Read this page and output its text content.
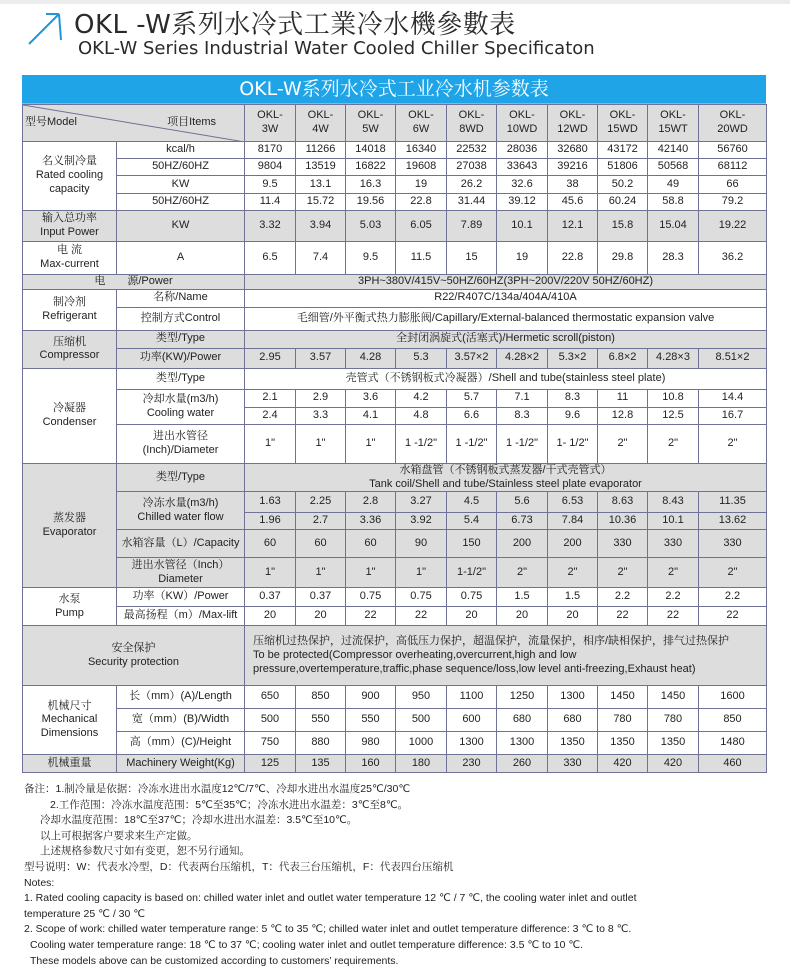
OKL -W系列水冷式工業冷水機參數表
OKL-W Series Industrial Water Cooled Chiller Specificaton
OKL-W系列水冷式工业冷水机参数表
型号Model 项目Items		OKL-3W	OKL-4W	OKL-5W	OKL-6W	OKL-8WD	OKL-10WD	OKL-12WD	OKL-15WD	OKL-15WT	OKL-20WD
名义制冷量
Rated cooling
capacity	kcal/h	8170	11266	14018	16340	22532	28036	32680	43172	42140	56760
	50HZ/60HZ	9804	13519	16822	19608	27038	33643	39216	51806	50568	68112
	KW	9.5	13.1	16.3	19	26.2	32.6	38	50.2	49	66
	50HZ/60HZ	11.4	15.72	19.56	22.8	31.44	39.12	45.6	60.24	58.8	79.2
输入总功率
Input Power	KW	3.32	3.94	5.03	6.05	7.89	10.1	12.1	15.8	15.04	19.22
电 流
Max-current	A	6.5	7.4	9.5	11.5	15	19	22.8	29.8	28.3	36.2
电　　源/Power		3PH~380V/415V~50HZ/60HZ(3PH~200V/220V 50HZ/60HZ)									
制冷剂
Refrigerant	名称/Name	R22/R407C/134a/404A/410A									
	控制方式Control	毛细管/外平衡式热力膨胀阀/Capillary/External-balanced thermostatic expansion valve									
压缩机
Compressor	类型/Type	全封闭涡旋式(活塞式)/Hermetic scroll(piston)									
	功率(KW)/Power	2.95	3.57	4.28	5.3	3.57×2	4.28×2	5.3×2	6.8×2	4.28×3	8.51×2
冷凝器
Condenser	类型/Type	壳管式（不锈钢板式冷凝器）/Shell and tube(stainless steel plate)									
	冷却水量(m3/h)
Cooling water	2.1	2.9	3.6	4.2	5.7	7.1	8.3	11	10.8	14.4
		2.4	3.3	4.1	4.8	6.6	8.3	9.6	12.8	12.5	16.7
	进出水管径
(Inch)/Diameter	1"	1"	1"	1 -1/2"	1 -1/2"	1 -1/2"	1- 1/2"	2"	2"	2"
蒸发器
Evaporator	类型/Type	水箱盘管（不锈钢板式蒸发器/干式壳管式）
Tank coil/Shell and tube/Stainless steel plate evaporator									
	冷冻水量(m3/h)
Chilled water flow	1.63	2.25	2.8	3.27	4.5	5.6	6.53	8.63	8.43	11.35
		1.96	2.7	3.36	3.92	5.4	6.73	7.84	10.36	10.1	13.62
	水箱容量（L）/Capacity	60	60	60	90	150	200	200	330	330	330
	进出水管径（Inch）
Diameter	1"	1"	1"	1"	1-1/2"	2"	2"	2"	2"	2"
水泵
Pump	功率（KW）/Power	0.37	0.37	0.75	0.75	0.75	1.5	1.5	2.2	2.2	2.2
	最高扬程（m）/Max-lift	20	20	22	22	20	20	20	22	22	22
安全保护
Security protection		压缩机过热保护，过流保护，高低压力保护，超温保护，流量保护，相序/缺相保护，排气过热保护
To be protected(Compressor overheating,overcurrent,high and low
pressure,overtemperature,traffic,phase sequence/loss,low level anti-freezing,Exhaust heat)									
机械尺寸
Mechanical
Dimensions	长（mm）(A)/Length	650	850	900	950	1100	1250	1300	1450	1450	1600
	宽（mm）(B)/Width	500	550	550	500	600	680	680	780	780	850
	高（mm）(C)/Height	750	880	980	1000	1300	1300	1350	1350	1350	1480
机械重量	Machinery Weight(Kg)	125	135	160	180	230	260	330	420	420	460
备注：1.制冷量是依据：冷冻水进出水温度12℃/7℃、冷却水进出水温度25℃/30℃
2.工作范围：冷冻水温度范围：5℃至35℃；冷冻水进出水温差：3℃至8℃。
冷却水温度范围：18℃至37℃；冷却水进出水温差：3.5℃至10℃。
以上可根据客户要求来生产定做。
上述规格参数尺寸如有变更，恕不另行通知。
型号说明：W：代表水冷型，D：代表两台压缩机，T：代表三台压缩机，F：代表四台压缩机
Notes:
1. Rated cooling capacity is based on: chilled water inlet and outlet water temperature 12 ℃ / 7 ℃, the cooling water inlet and outlet
temperature 25 ℃ / 30 ℃
2. Scope of work: chilled water temperature range: 5 ℃ to 35 ℃; chilled water inlet and outlet temperature difference: 3 ℃ to 8 ℃.
Cooling water temperature range: 18 ℃ to 37 ℃; cooling water inlet and outlet temperature difference: 3.5 ℃ to 10 ℃.
These models above can be customized according to customers’ requirements.
